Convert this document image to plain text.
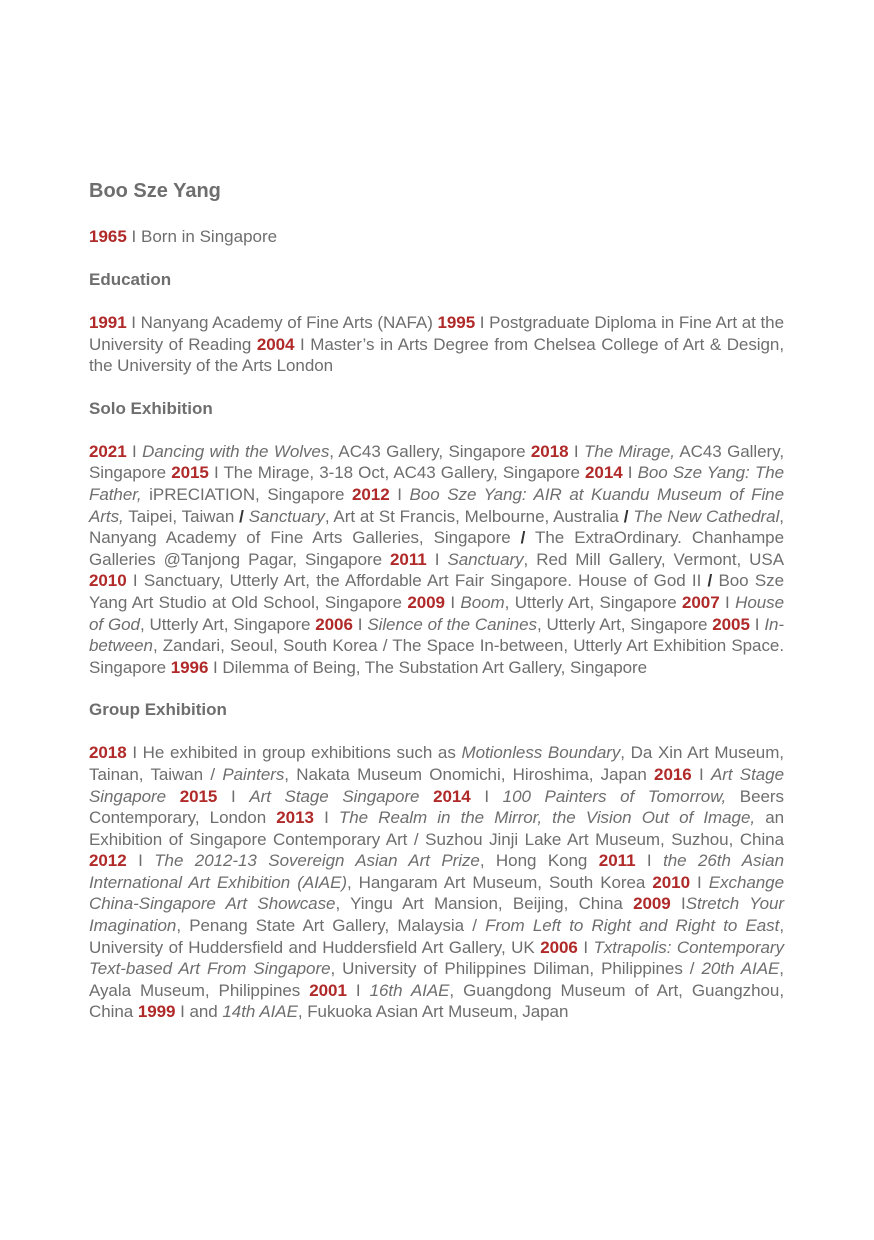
Boo Sze Yang
1965 I Born in Singapore
Education

1991 I Nanyang Academy of Fine Arts (NAFA) 1995 I Postgraduate Diploma in Fine Art at the University of Reading 2004 I Master’s in Arts Degree from Chelsea College of Art & Design, the University of the Arts London

Solo Exhibition

2021 I Dancing with the Wolves, AC43 Gallery, Singapore 2018 I The Mirage, AC43 Gallery, Singapore 2015 I The Mirage, 3-18 Oct, AC43 Gallery, Singapore 2014 I Boo Sze Yang: The Father, iPRECIATION, Singapore 2012 I Boo Sze Yang: AIR at Kuandu Museum of Fine Arts, Taipei, Taiwan / Sanctuary, Art at St Francis, Melbourne, Australia / The New Cathedral, Nanyang Academy of Fine Arts Galleries, Singapore / The ExtraOrdinary. Chanhampe Galleries @Tanjong Pagar, Singapore 2011 I Sanctuary, Red Mill Gallery, Vermont, USA 2010 I Sanctuary, Utterly Art, the Affordable Art Fair Singapore. House of God II / Boo Sze Yang Art Studio at Old School, Singapore 2009 I Boom, Utterly Art, Singapore 2007 I House of God, Utterly Art, Singapore 2006 I Silence of the Canines, Utterly Art, Singapore 2005 I In-between, Zandari, Seoul, South Korea / The Space In-between, Utterly Art Exhibition Space. Singapore 1996 I Dilemma of Being, The Substation Art Gallery, Singapore

Group Exhibition

2018 I He exhibited in group exhibitions such as Motionless Boundary, Da Xin Art Museum, Tainan, Taiwan / Painters, Nakata Museum Onomichi, Hiroshima, Japan 2016 I Art Stage Singapore 2015 I Art Stage Singapore 2014 I 100 Painters of Tomorrow, Beers Contemporary, London 2013 I The Realm in the Mirror, the Vision Out of Image, an Exhibition of Singapore Contemporary Art / Suzhou Jinji Lake Art Museum, Suzhou, China 2012 I The 2012-13 Sovereign Asian Art Prize, Hong Kong 2011 I the 26th Asian International Art Exhibition (AIAE), Hangaram Art Museum, South Korea 2010 I Exchange China-Singapore Art Showcase, Yingu Art Mansion, Beijing, China 2009 IStretch Your Imagination, Penang State Art Gallery, Malaysia / From Left to Right and Right to East, University of Huddersfield and Huddersfield Art Gallery, UK 2006 I Txtrapolis: Contemporary Text-based Art From Singapore, University of Philippines Diliman, Philippines / 20th AIAE, Ayala Museum, Philippines 2001 I 16th AIAE, Guangdong Museum of Art, Guangzhou, China 1999 I and 14th AIAE, Fukuoka Asian Art Museum, Japan
